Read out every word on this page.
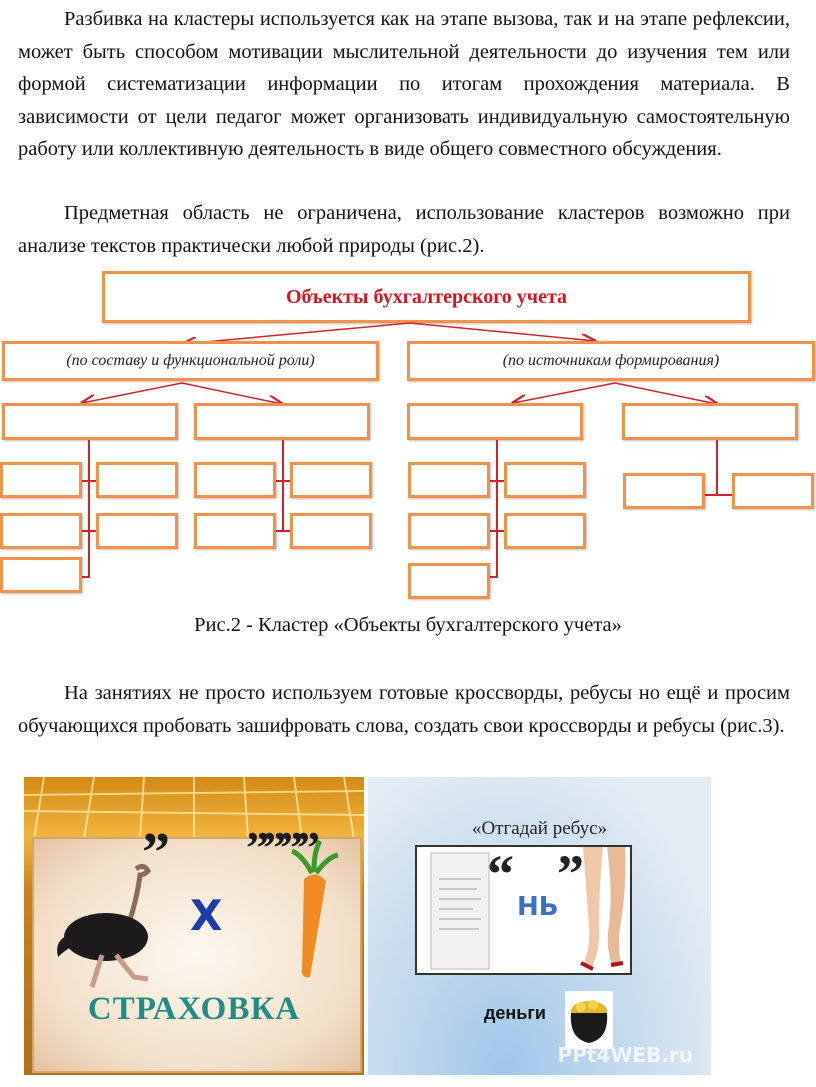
Разбивка на кластеры используется как на этапе вызова, так и на этапе рефлексии, может быть способом мотивации мыслительной деятельности до изучения тем или формой систематизации информации по итогам прохождения материала. В зависимости от цели педагог может организовать индивидуальную самостоятельную работу или коллективную деятельность в виде общего совместного обсуждения.

Предметная область не ограничена, использование кластеров возможно при анализе текстов практически любой природы (рис.2).

Объекты бухгалтерского учета
(по составу и функциональной роли)	(по источникам формирования)

Рис.2 - Кластер «Объекты бухгалтерского учета»

На занятиях не просто используем готовые кроссворды, ребусы но ещё и просим обучающихся пробовать зашифровать слова, создать свои кроссворды и ребусы (рис.3).

” ””””
Х
СТРАХОВКА
«Отгадай ребус»
“
НЬ
”
деньги
PPt4WEB.ru
